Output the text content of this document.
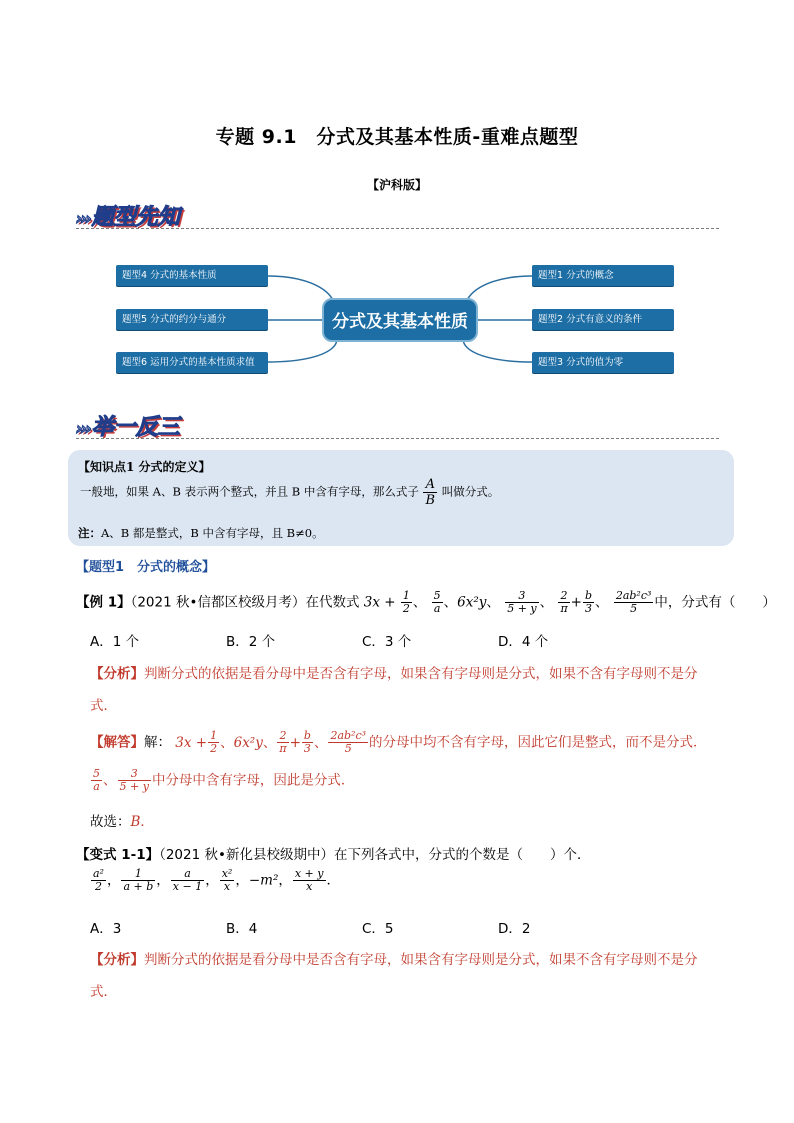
专题 9.1　分式及其基本性质-重难点题型
【沪科版】
›››题型先知
分式及其基本性质
题型4 分式的基本性质
题型5 分式的约分与通分
题型6 运用分式的基本性质求值
题型1 分式的概念
题型2 分式有意义的条件
题型3 分式的值为零
›››举一反三
【知识点1 分式的定义】
一般地，如果 A、B 表示两个整式，并且 B 中含有字母，那么式子 $\frac{A}{B}$ 叫做分式。
注：A、B 都是整式，B 中含有字母，且 B≠0。
【题型1　分式的概念】
【例 1】（2021 秋•信都区校级月考）在代数式 $3x + \frac{1}{2}$ 、 $\frac{5}{a}$ 、6x²y、 $\frac{3}{5 + y}$ 、 $\frac{2}{\pi} + \frac{b}{3}$ 、 $\frac{\text{2ab²c³}}{5}$ 中，分式有（　　）
A．1 个	B．2 个	C．3 个	D．4 个
【分析】判断分式的依据是看分母中是否含有字母，如果含有字母则是分式，如果不含有字母则不是分
式．
【解答】解： $3x + \frac{1}{2}$ 、6x²y、 $\frac{2}{\pi} + \frac{b}{3}$ 、 $\frac{\text{2ab²c³}}{5}$ 的分母中均不含有字母，因此它们是整式，而不是分式．
$\frac{5}{a}$ 、 $\frac{3}{5 + y}$ 中分母中含有字母，因此是分式．
故选：B．
【变式 1-1】（2021 秋•新化县校级期中）在下列各式中，分式的个数是（　　）个．
$\frac{\text{a²}}{2}$ ， $\frac{1}{a + b}$ ， $\frac{a}{x - 1}$ ， $\frac{\text{x²}}{x}$ ，−m²， $\frac{x + y}{x}$ ．
A．3	B．4	C．5	D．2
【分析】判断分式的依据是看分母中是否含有字母，如果含有字母则是分式，如果不含有字母则不是分
式．
